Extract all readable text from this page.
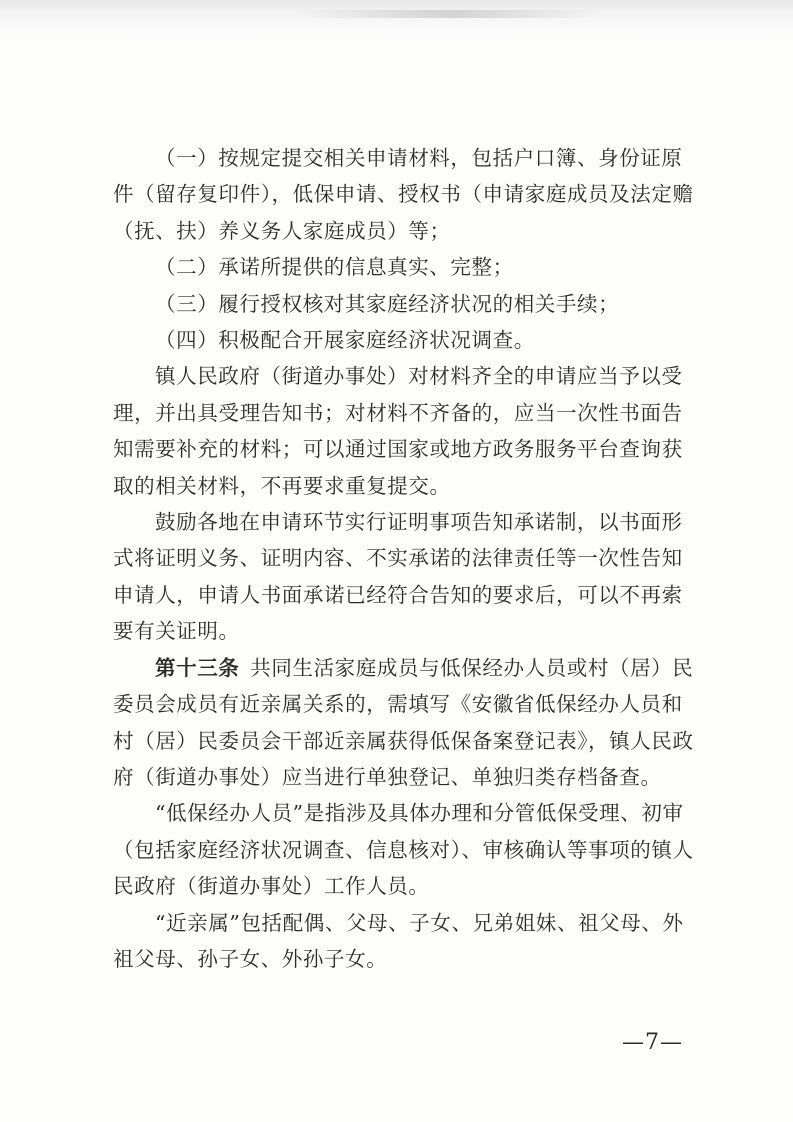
（一）按规定提交相关申请材料，包括户口簿、身份证原件（留存复印件），低保申请、授权书（申请家庭成员及法定赡（抚、扶）养义务人家庭成员）等；

（二）承诺所提供的信息真实、完整；

（三）履行授权核对其家庭经济状况的相关手续；

（四）积极配合开展家庭经济状况调查。

镇人民政府（街道办事处）对材料齐全的申请应当予以受理，并出具受理告知书；对材料不齐备的，应当一次性书面告知需要补充的材料；可以通过国家或地方政务服务平台查询获取的相关材料，不再要求重复提交。

鼓励各地在申请环节实行证明事项告知承诺制，以书面形式将证明义务、证明内容、不实承诺的法律责任等一次性告知申请人，申请人书面承诺已经符合告知的要求后，可以不再索要有关证明。

第十三条  共同生活家庭成员与低保经办人员或村（居）民委员会成员有近亲属关系的，需填写《安徽省低保经办人员和村（居）民委员会干部近亲属获得低保备案登记表》，镇人民政府（街道办事处）应当进行单独登记、单独归类存档备查。

“低保经办人员”是指涉及具体办理和分管低保受理、初审（包括家庭经济状况调查、信息核对）、审核确认等事项的镇人民政府（街道办事处）工作人员。

“近亲属”包括配偶、父母、子女、兄弟姐妹、祖父母、外祖父母、孙子女、外孙子女。

—7—
